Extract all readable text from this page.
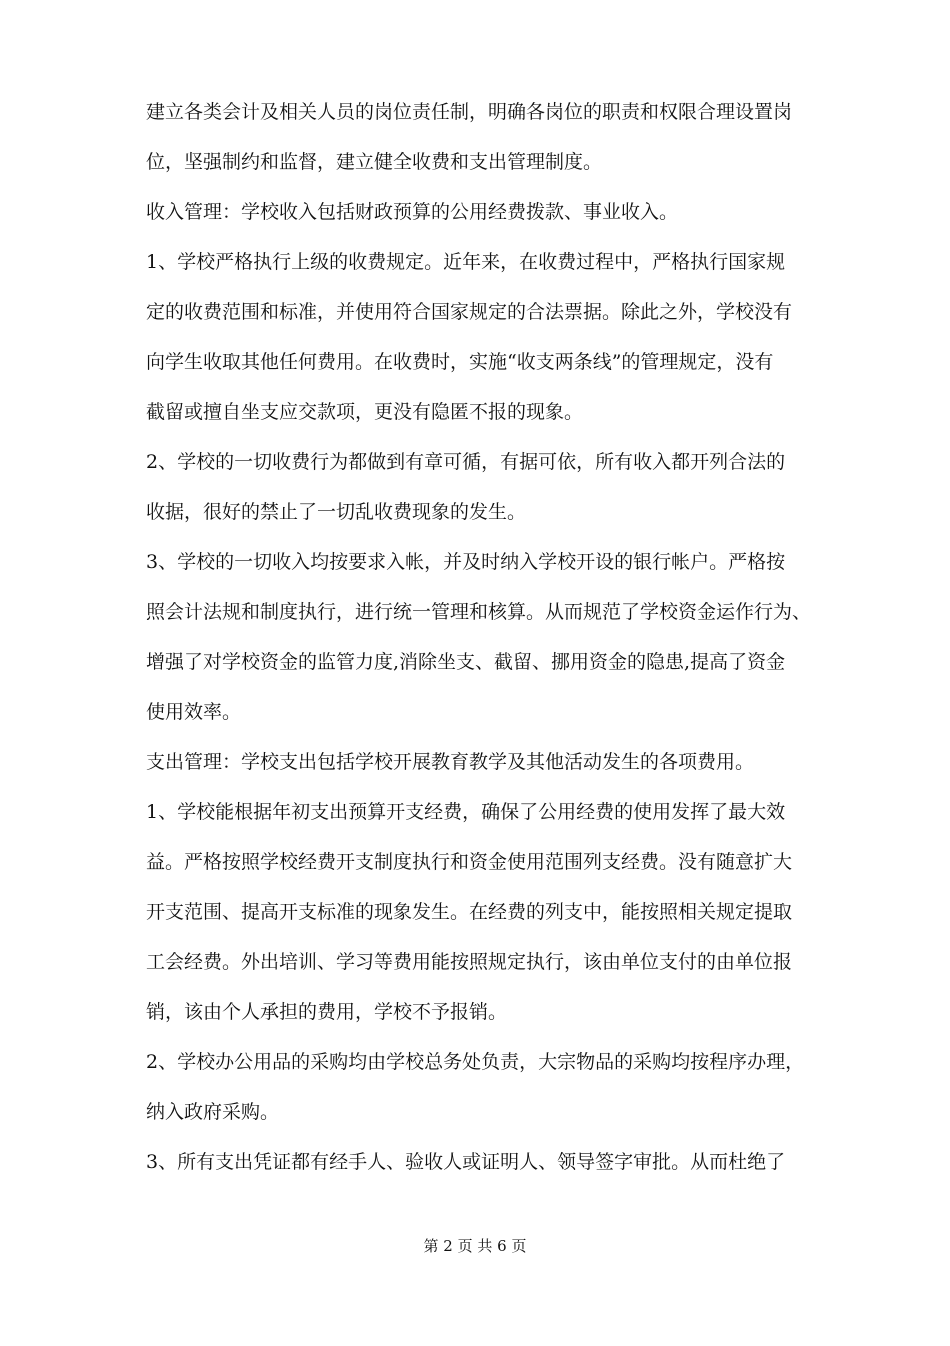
建立各类会计及相关人员的岗位责任制，明确各岗位的职责和权限合理设置岗
位，坚强制约和监督，建立健全收费和支出管理制度。
收入管理：学校收入包括财政预算的公用经费拨款、事业收入。
1、学校严格执行上级的收费规定。近年来，在收费过程中，严格执行国家规
定的收费范围和标准，并使用符合国家规定的合法票据。除此之外，学校没有
向学生收取其他任何费用。在收费时，实施“收支两条线”的管理规定，没有
截留或擅自坐支应交款项，更没有隐匿不报的现象。
2、学校的一切收费行为都做到有章可循，有据可依，所有收入都开列合法的
收据，很好的禁止了一切乱收费现象的发生。
3、学校的一切收入均按要求入帐，并及时纳入学校开设的银行帐户。严格按
照会计法规和制度执行，进行统一管理和核算。从而规范了学校资金运作行为、
增强了对学校资金的监管力度,消除坐支、截留、挪用资金的隐患,提高了资金
使用效率。
支出管理：学校支出包括学校开展教育教学及其他活动发生的各项费用。
1、学校能根据年初支出预算开支经费，确保了公用经费的使用发挥了最大效
益。严格按照学校经费开支制度执行和资金使用范围列支经费。没有随意扩大
开支范围、提高开支标准的现象发生。在经费的列支中，能按照相关规定提取
工会经费。外出培训、学习等费用能按照规定执行，该由单位支付的由单位报
销，该由个人承担的费用，学校不予报销。
2、学校办公用品的采购均由学校总务处负责，大宗物品的采购均按程序办理，
纳入政府采购。
3、所有支出凭证都有经手人、验收人或证明人、领导签字审批。从而杜绝了
第 2 页 共 6 页
